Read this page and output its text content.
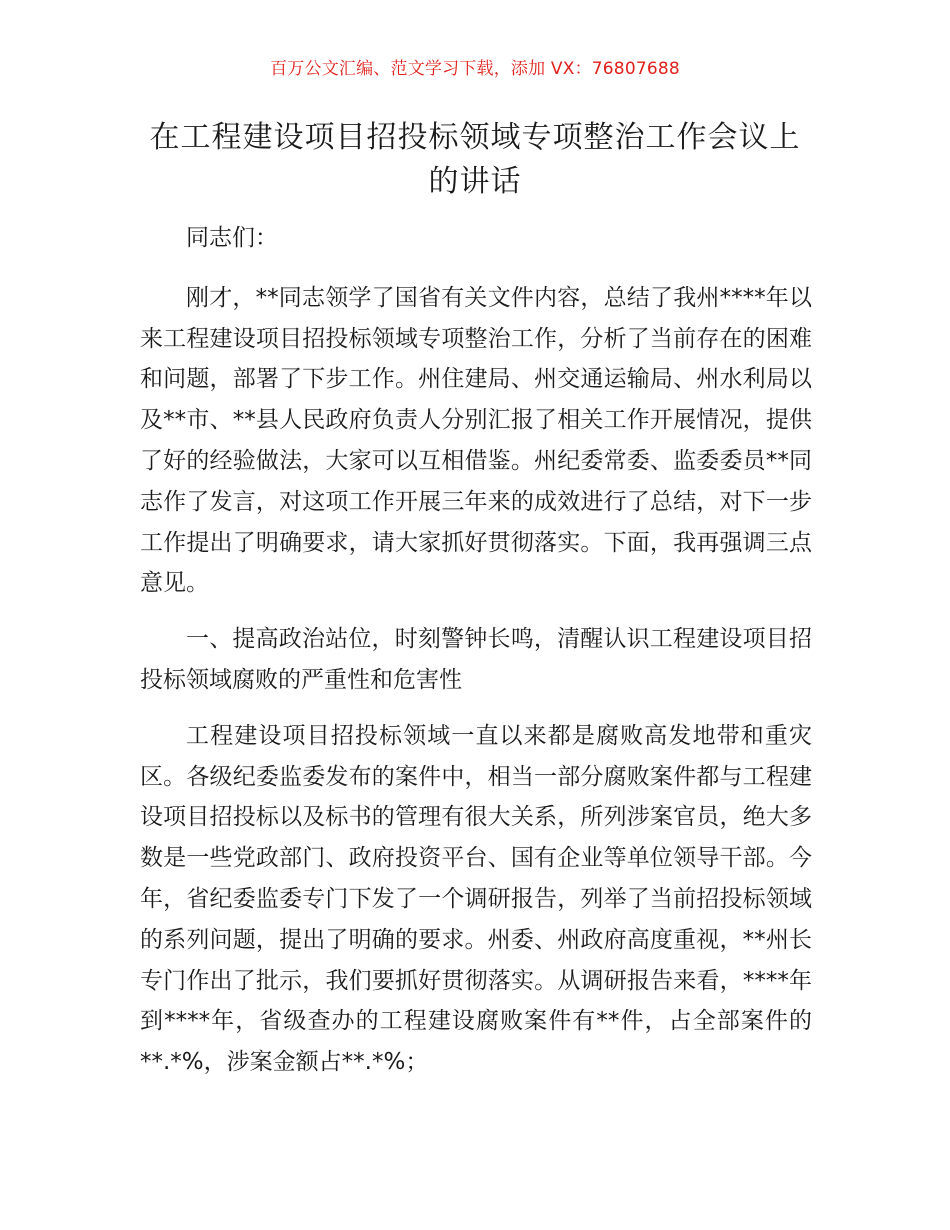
百万公文汇编、范文学习下载，添加 VX：76807688
在工程建设项目招投标领域专项整治工作会议上的讲话

同志们：

刚才，**同志领学了国省有关文件内容，总结了我州****年以来工程建设项目招投标领域专项整治工作，分析了当前存在的困难和问题，部署了下步工作。州住建局、州交通运输局、州水利局以及**市、**县人民政府负责人分别汇报了相关工作开展情况，提供了好的经验做法，大家可以互相借鉴。州纪委常委、监委委员**同志作了发言，对这项工作开展三年来的成效进行了总结，对下一步工作提出了明确要求，请大家抓好贯彻落实。下面，我再强调三点意见。

一、提高政治站位，时刻警钟长鸣，清醒认识工程建设项目招投标领域腐败的严重性和危害性

工程建设项目招投标领域一直以来都是腐败高发地带和重灾区。各级纪委监委发布的案件中，相当一部分腐败案件都与工程建设项目招投标以及标书的管理有很大关系，所列涉案官员，绝大多数是一些党政部门、政府投资平台、国有企业等单位领导干部。今年，省纪委监委专门下发了一个调研报告，列举了当前招投标领域的系列问题，提出了明确的要求。州委、州政府高度重视，**州长专门作出了批示，我们要抓好贯彻落实。从调研报告来看，****年到****年，省级查办的工程建设腐败案件有**件，占全部案件的**.*%，涉案金额占**.*%；
